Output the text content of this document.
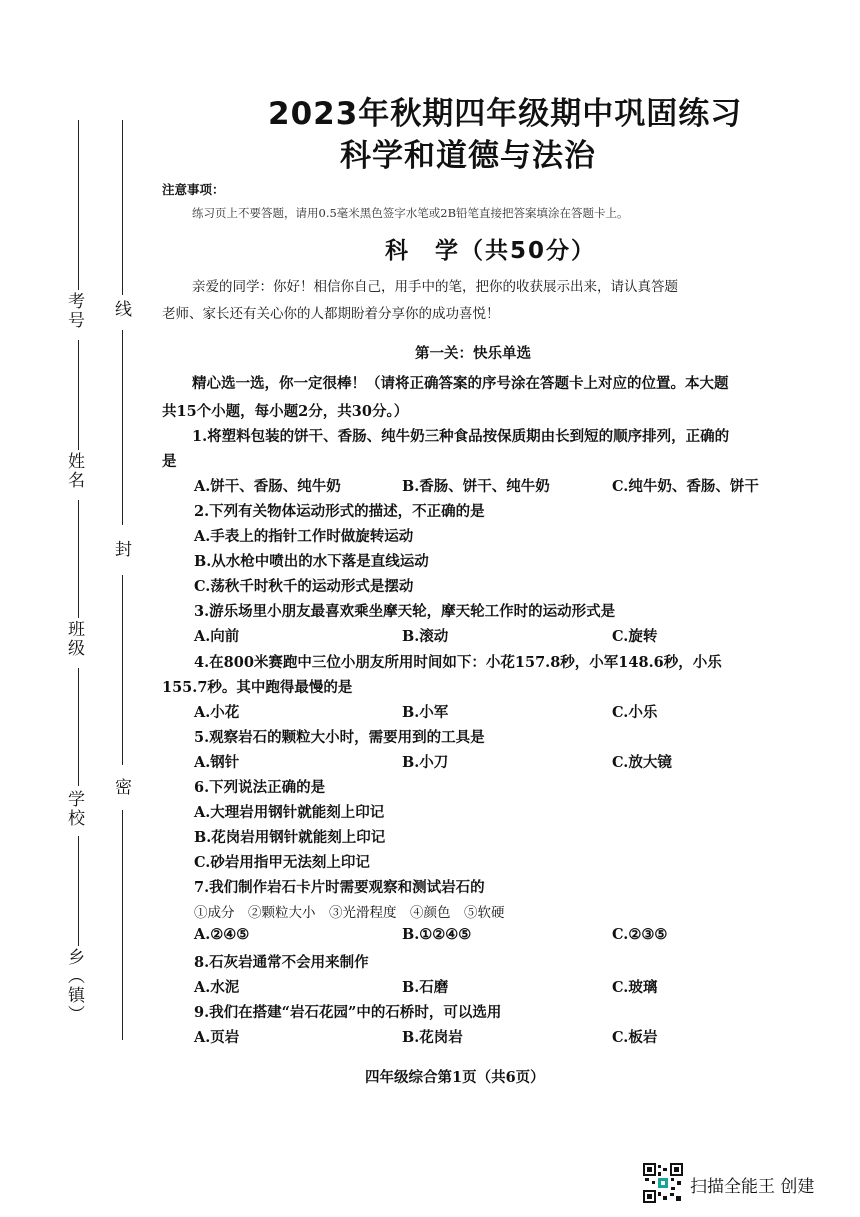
2023年秋期四年级期中巩固练习
科学和道德与法治
注意事项：
练习页上不要答题，请用0.5毫米黑色签字水笔或2B铅笔直接把答案填涂在答题卡上。
科　学（共50分）
亲爱的同学：你好！相信你自己，用手中的笔，把你的收获展示出来，请认真答题
老师、家长还有关心你的人都期盼着分享你的成功喜悦！
第一关：快乐单选
精心选一选，你一定很棒！（请将正确答案的序号涂在答题卡上对应的位置。本大题
共15个小题，每小题2分，共30分。）
1.将塑料包装的饼干、香肠、纯牛奶三种食品按保质期由长到短的顺序排列，正确的
是
A.饼干、香肠、纯牛奶	B.香肠、饼干、纯牛奶	C.纯牛奶、香肠、饼干
2.下列有关物体运动形式的描述，不正确的是
A.手表上的指针工作时做旋转运动
B.从水枪中喷出的水下落是直线运动
C.荡秋千时秋千的运动形式是摆动
3.游乐场里小朋友最喜欢乘坐摩天轮，摩天轮工作时的运动形式是
A.向前	B.滚动	C.旋转
4.在800米赛跑中三位小朋友所用时间如下：小花157.8秒，小军148.6秒，小乐
155.7秒。其中跑得最慢的是
A.小花	B.小军	C.小乐
5.观察岩石的颗粒大小时，需要用到的工具是
A.钢针	B.小刀	C.放大镜
6.下列说法正确的是
A.大理岩用钢针就能刻上印记
B.花岗岩用钢针就能刻上印记
C.砂岩用指甲无法刻上印记
7.我们制作岩石卡片时需要观察和测试岩石的
①成分　②颗粒大小　③光滑程度　④颜色　⑤软硬
A.②④⑤	B.①②④⑤	C.②③⑤
8.石灰岩通常不会用来制作
A.水泥	B.石磨	C.玻璃
9.我们在搭建“岩石花园”中的石桥时，可以选用
A.页岩	B.花岗岩	C.板岩
四年级综合第1页（共6页）
考号
姓名
班级
学校
乡（镇）
线
封
密
扫描全能王 创建
